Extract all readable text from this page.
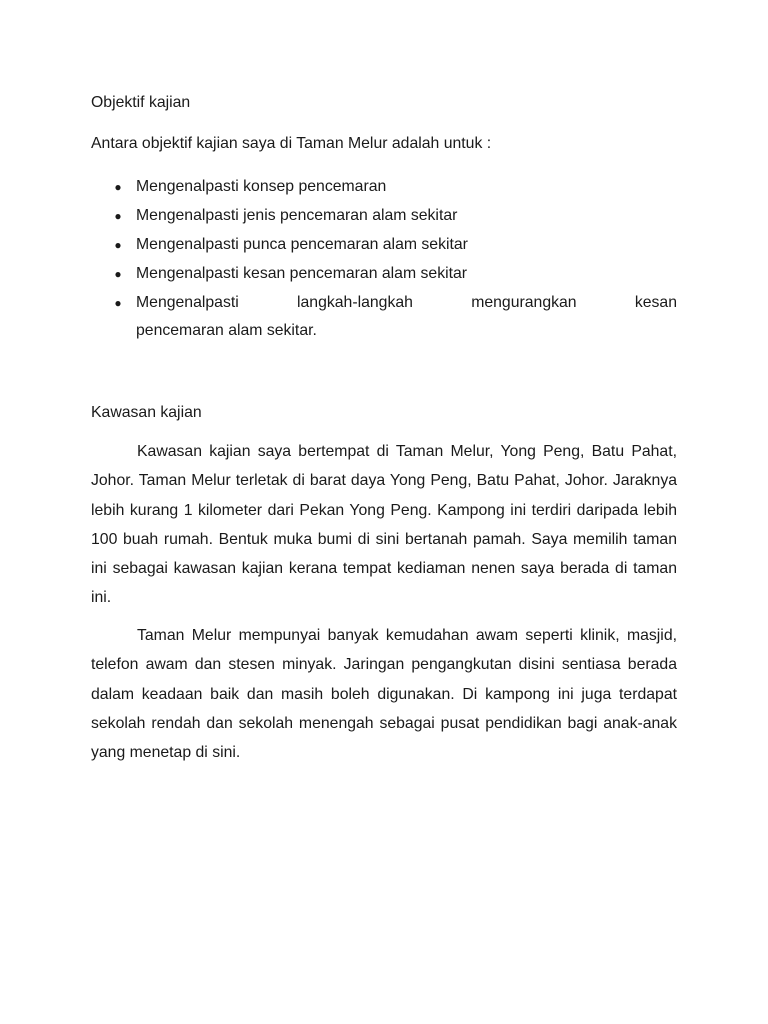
Objektif kajian
Antara objektif kajian saya di Taman Melur adalah untuk :
● Mengenalpasti konsep pencemaran
● Mengenalpasti jenis pencemaran alam sekitar
● Mengenalpasti punca pencemaran alam sekitar
● Mengenalpasti kesan pencemaran alam sekitar
● Mengenalpasti	langkah-langkah	mengurangkan	kesan
pencemaran alam sekitar.
Kawasan kajian

Kawasan kajian saya bertempat di Taman Melur, Yong Peng, Batu Pahat, Johor. Taman Melur terletak di barat daya Yong Peng, Batu Pahat, Johor. Jaraknya lebih kurang 1 kilometer dari Pekan Yong Peng. Kampong ini terdiri daripada lebih 100 buah rumah. Bentuk muka bumi di sini bertanah pamah. Saya memilih taman ini sebagai kawasan kajian kerana tempat kediaman nenen saya berada di taman ini.

Taman Melur mempunyai banyak kemudahan awam seperti klinik, masjid, telefon awam dan stesen minyak. Jaringan pengangkutan disini sentiasa berada dalam keadaan baik dan masih boleh digunakan. Di kampong ini juga terdapat sekolah rendah dan sekolah menengah sebagai pusat pendidikan bagi anak-anak yang menetap di sini.
